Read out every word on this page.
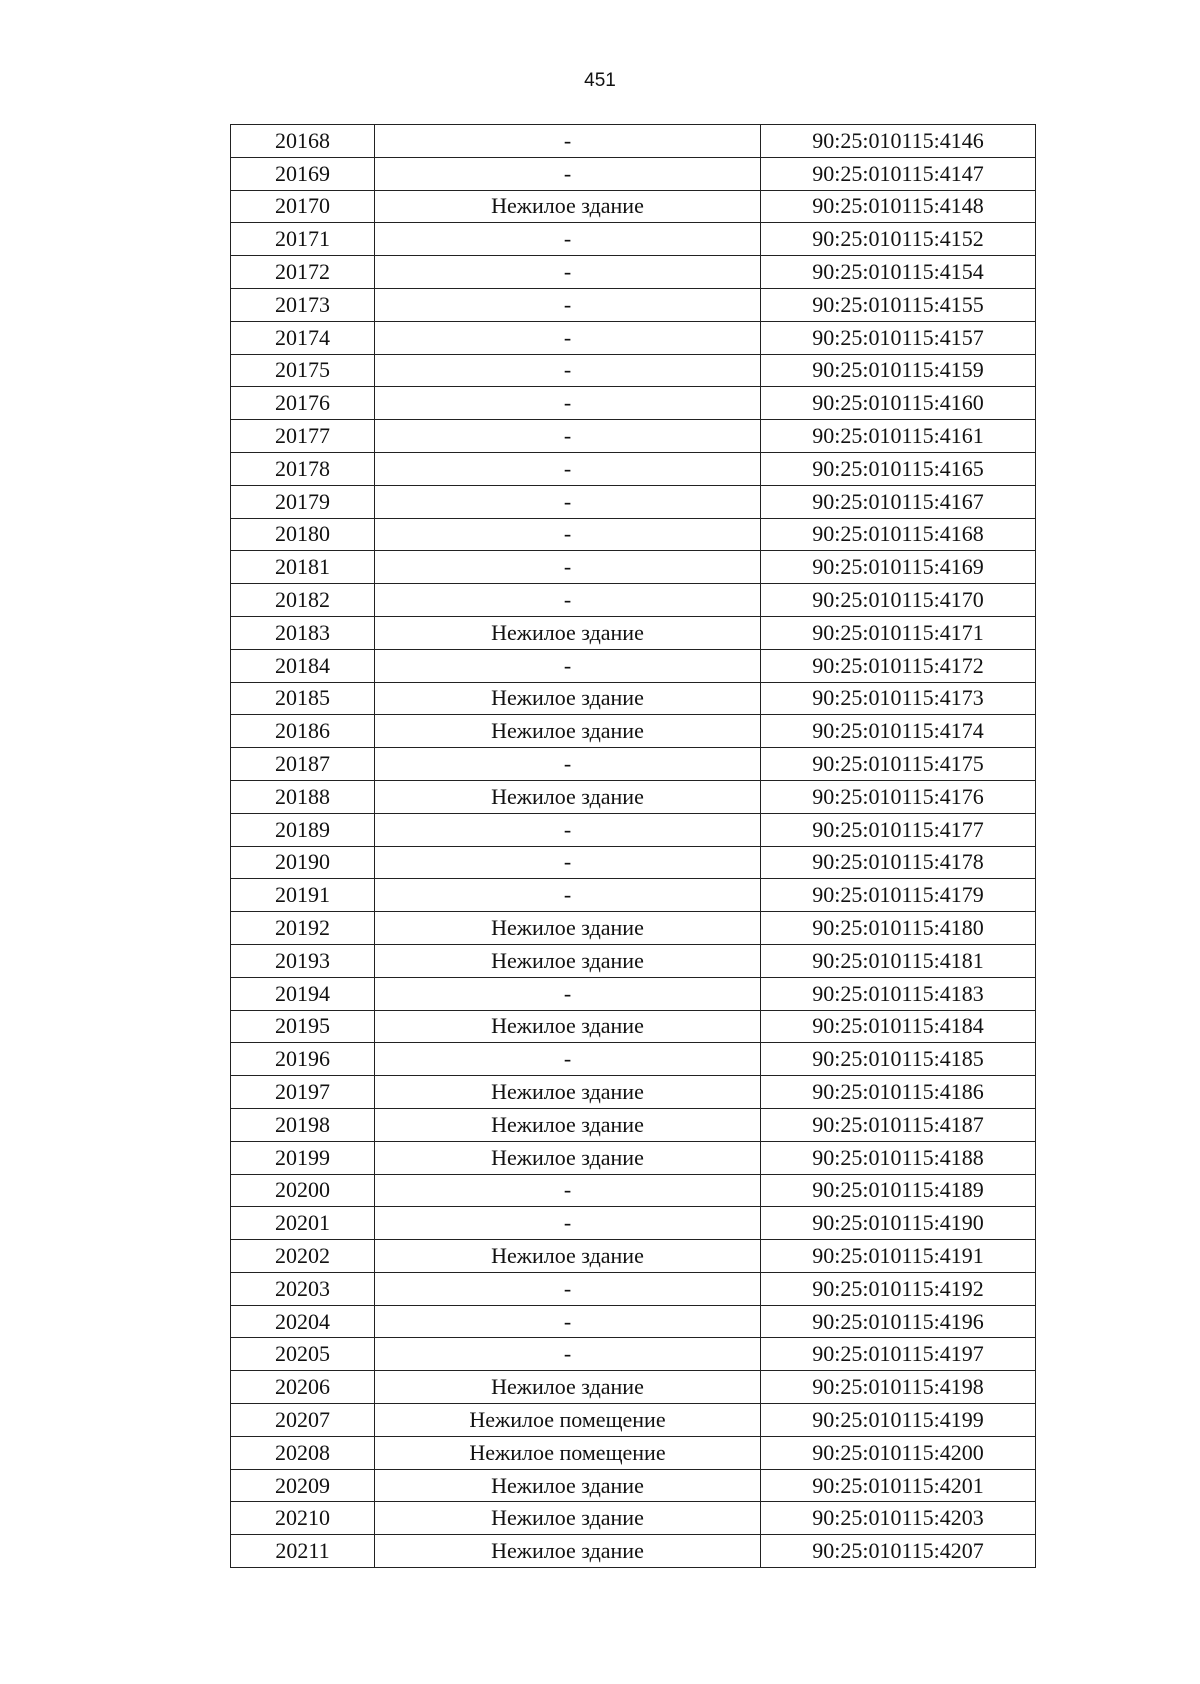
451
20168	-	90:25:010115:4146
20169	-	90:25:010115:4147
20170	Нежилое здание	90:25:010115:4148
20171	-	90:25:010115:4152
20172	-	90:25:010115:4154
20173	-	90:25:010115:4155
20174	-	90:25:010115:4157
20175	-	90:25:010115:4159
20176	-	90:25:010115:4160
20177	-	90:25:010115:4161
20178	-	90:25:010115:4165
20179	-	90:25:010115:4167
20180	-	90:25:010115:4168
20181	-	90:25:010115:4169
20182	-	90:25:010115:4170
20183	Нежилое здание	90:25:010115:4171
20184	-	90:25:010115:4172
20185	Нежилое здание	90:25:010115:4173
20186	Нежилое здание	90:25:010115:4174
20187	-	90:25:010115:4175
20188	Нежилое здание	90:25:010115:4176
20189	-	90:25:010115:4177
20190	-	90:25:010115:4178
20191	-	90:25:010115:4179
20192	Нежилое здание	90:25:010115:4180
20193	Нежилое здание	90:25:010115:4181
20194	-	90:25:010115:4183
20195	Нежилое здание	90:25:010115:4184
20196	-	90:25:010115:4185
20197	Нежилое здание	90:25:010115:4186
20198	Нежилое здание	90:25:010115:4187
20199	Нежилое здание	90:25:010115:4188
20200	-	90:25:010115:4189
20201	-	90:25:010115:4190
20202	Нежилое здание	90:25:010115:4191
20203	-	90:25:010115:4192
20204	-	90:25:010115:4196
20205	-	90:25:010115:4197
20206	Нежилое здание	90:25:010115:4198
20207	Нежилое помещение	90:25:010115:4199
20208	Нежилое помещение	90:25:010115:4200
20209	Нежилое здание	90:25:010115:4201
20210	Нежилое здание	90:25:010115:4203
20211	Нежилое здание	90:25:010115:4207
